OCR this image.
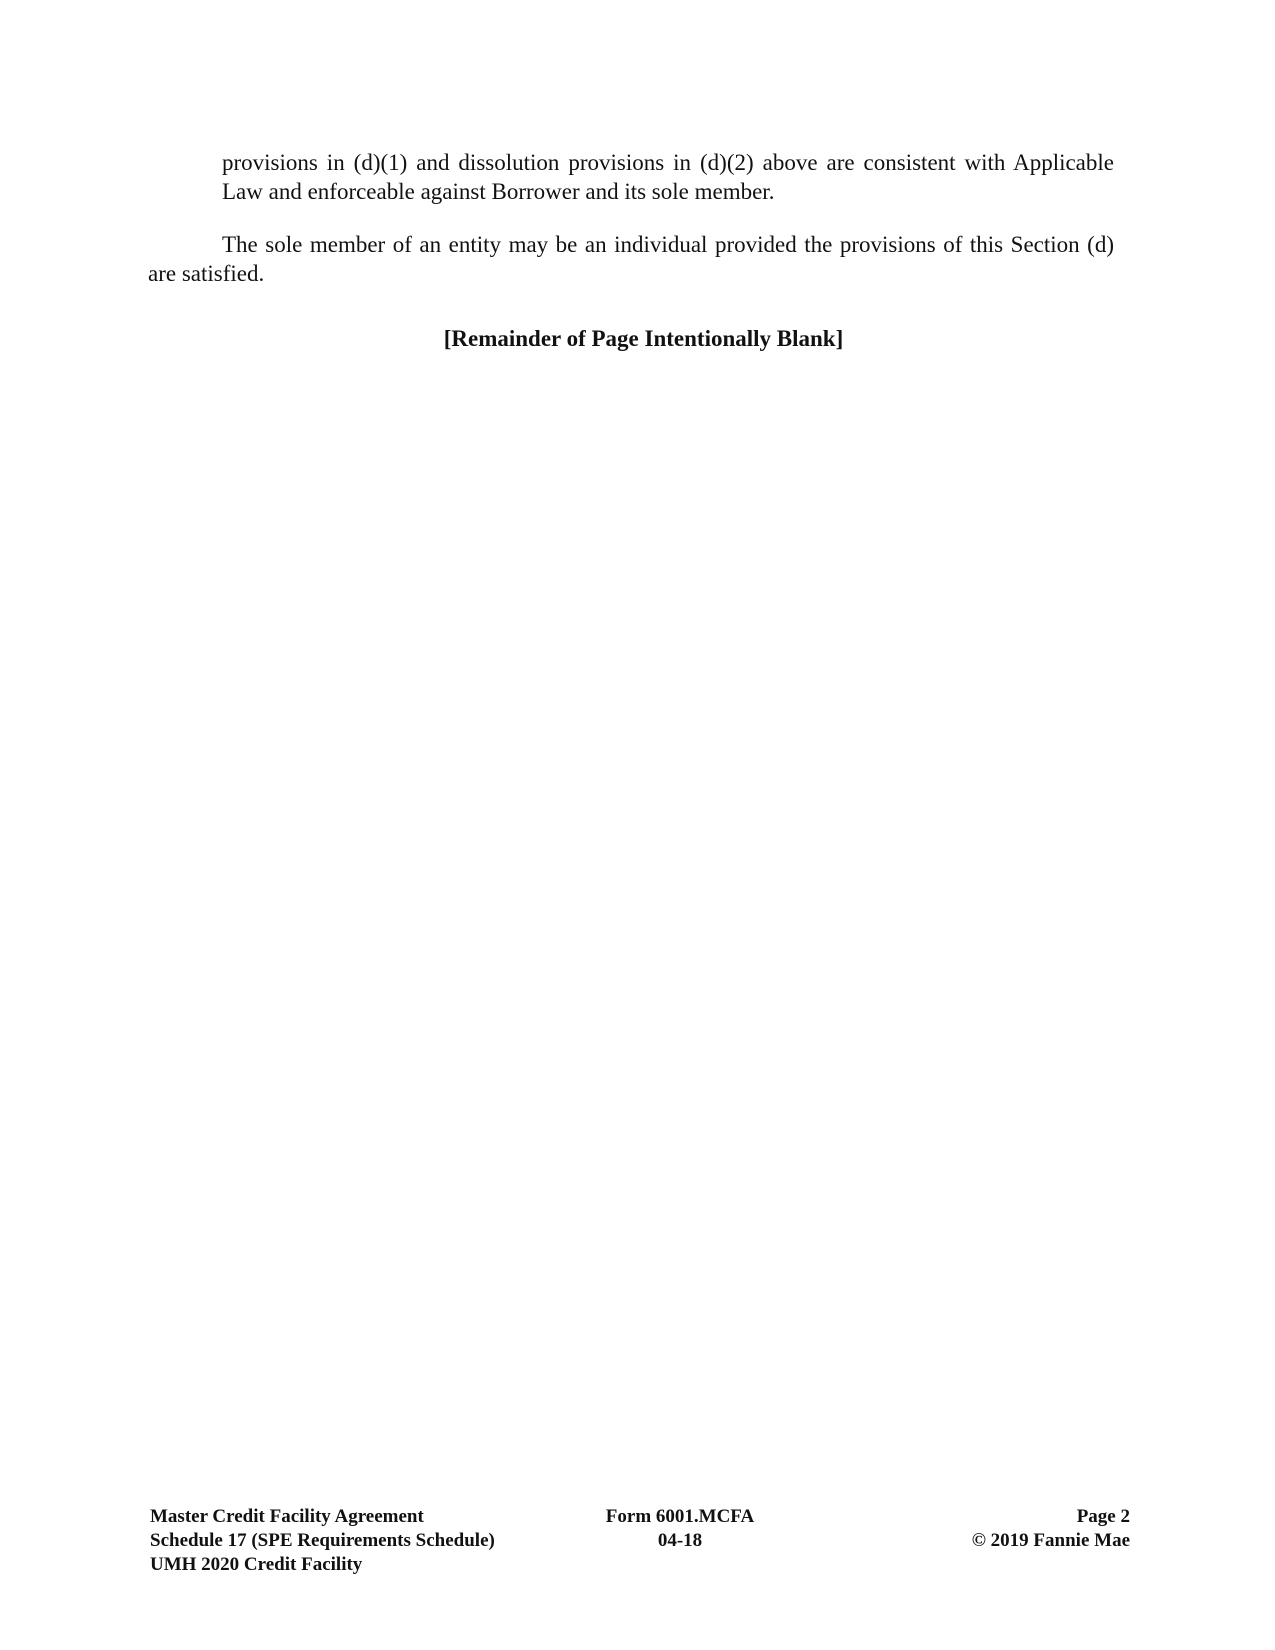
provisions in (d)(1) and dissolution provisions in (d)(2) above are consistent with Applicable Law and enforceable against Borrower and its sole member.
The sole member of an entity may be an individual provided the provisions of this Section (d) are satisfied.
[Remainder of Page Intentionally Blank]
Master Credit Facility Agreement
Schedule 17 (SPE Requirements Schedule)
UMH 2020 Credit Facility
Form 6001.MCFA
04-18
Page 2
© 2019 Fannie Mae
